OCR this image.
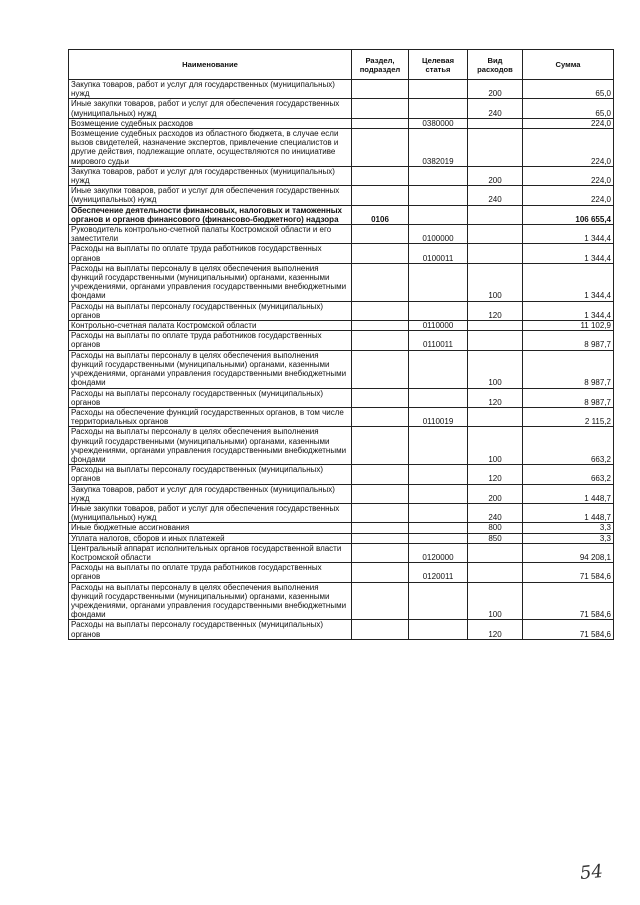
Наименование	Раздел, подраздел	Целевая статья	Вид расходов	Сумма
Закупка товаров, работ и услуг для государственных (муниципальных) нужд			200	65,0
Иные закупки товаров, работ и услуг для обеспечения государственных (муниципальных) нужд			240	65,0
Возмещение судебных расходов		0380000		224,0
Возмещение судебных расходов из областного бюджета, в случае если вызов свидетелей, назначение экспертов, привлечение специалистов и другие действия, подлежащие оплате, осуществляются по инициативе мирового судьи		0382019		224,0
Закупка товаров, работ и услуг для государственных (муниципальных) нужд			200	224,0
Иные закупки товаров, работ и услуг для обеспечения государственных (муниципальных) нужд			240	224,0
Обеспечение деятельности финансовых, налоговых и таможенных органов и органов финансового (финансово-бюджетного) надзора	0106			106 655,4
Руководитель контрольно-счетной палаты Костромской области и его заместители		0100000		1 344,4
Расходы на выплаты по оплате труда работников государственных органов		0100011		1 344,4
Расходы на выплаты персоналу в целях обеспечения выполнения функций государственными (муниципальными) органами, казенными учреждениями, органами управления государственными внебюджетными фондами			100	1 344,4
Расходы на выплаты персоналу государственных (муниципальных) органов			120	1 344,4
Контрольно-счетная палата Костромской области		0110000		11 102,9
Расходы на выплаты по оплате труда работников государственных органов		0110011		8 987,7
Расходы на выплаты персоналу в целях обеспечения выполнения функций государственными (муниципальными) органами, казенными учреждениями, органами управления государственными внебюджетными фондами			100	8 987,7
Расходы на выплаты персоналу государственных (муниципальных) органов			120	8 987,7
Расходы на обеспечение функций государственных органов, в том числе территориальных органов		0110019		2 115,2
Расходы на выплаты персоналу в целях обеспечения выполнения функций государственными (муниципальными) органами, казенными учреждениями, органами управления государственными внебюджетными фондами			100	663,2
Расходы на выплаты персоналу государственных (муниципальных) органов			120	663,2
Закупка товаров, работ и услуг для государственных (муниципальных) нужд			200	1 448,7
Иные закупки товаров, работ и услуг для обеспечения государственных (муниципальных) нужд			240	1 448,7
Иные бюджетные ассигнования			800	3,3
Уплата налогов, сборов и иных платежей			850	3,3
Центральный аппарат исполнительных органов государственной власти Костромской области		0120000		94 208,1
Расходы на выплаты по оплате труда работников государственных органов		0120011		71 584,6
Расходы на выплаты персоналу в целях обеспечения выполнения функций государственными (муниципальными) органами, казенными учреждениями, органами управления государственными внебюджетными фондами			100	71 584,6
Расходы на выплаты персоналу государственных (муниципальных) органов			120	71 584,6
54
